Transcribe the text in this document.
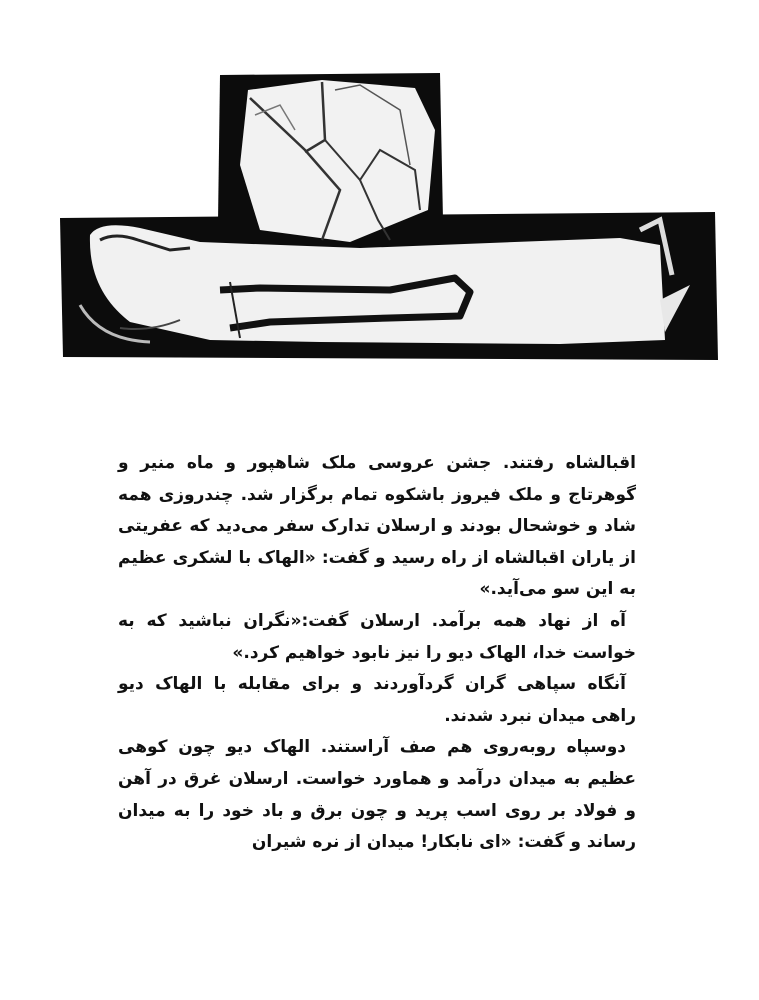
اقبالشاه رفتند. جشن عروسی ملک شاهپور و ماه منیر و گوهرتاج و ملک فیروز باشکوه تمام برگزار شد. چندروزی همه شاد و خوشحال بودند و ارسلان تدارک سفر می‌دید که عفریتی از یاران اقبالشاه از راه رسید و گفت: «الهاک با لشکری عظیم به این سو می‌آید.»

آه از نهاد همه برآمد. ارسلان گفت:«نگران نباشید که به خواست خدا، الهاک دیو را نیز نابود خواهیم کرد.»

آنگاه سپاهی گران گردآوردند و برای مقابله با الهاک دیو راهی میدان نبرد شدند.

دوسپاه روبه‌روی هم صف آراستند. الهاک دیو چون کوهی عظیم به میدان درآمد و هماورد خواست. ارسلان غرق در آهن و فولاد بر روی اسب پرید و چون برق و باد خود را به میدان رساند و گفت: «ای نابکار! میدان از نره شیران
